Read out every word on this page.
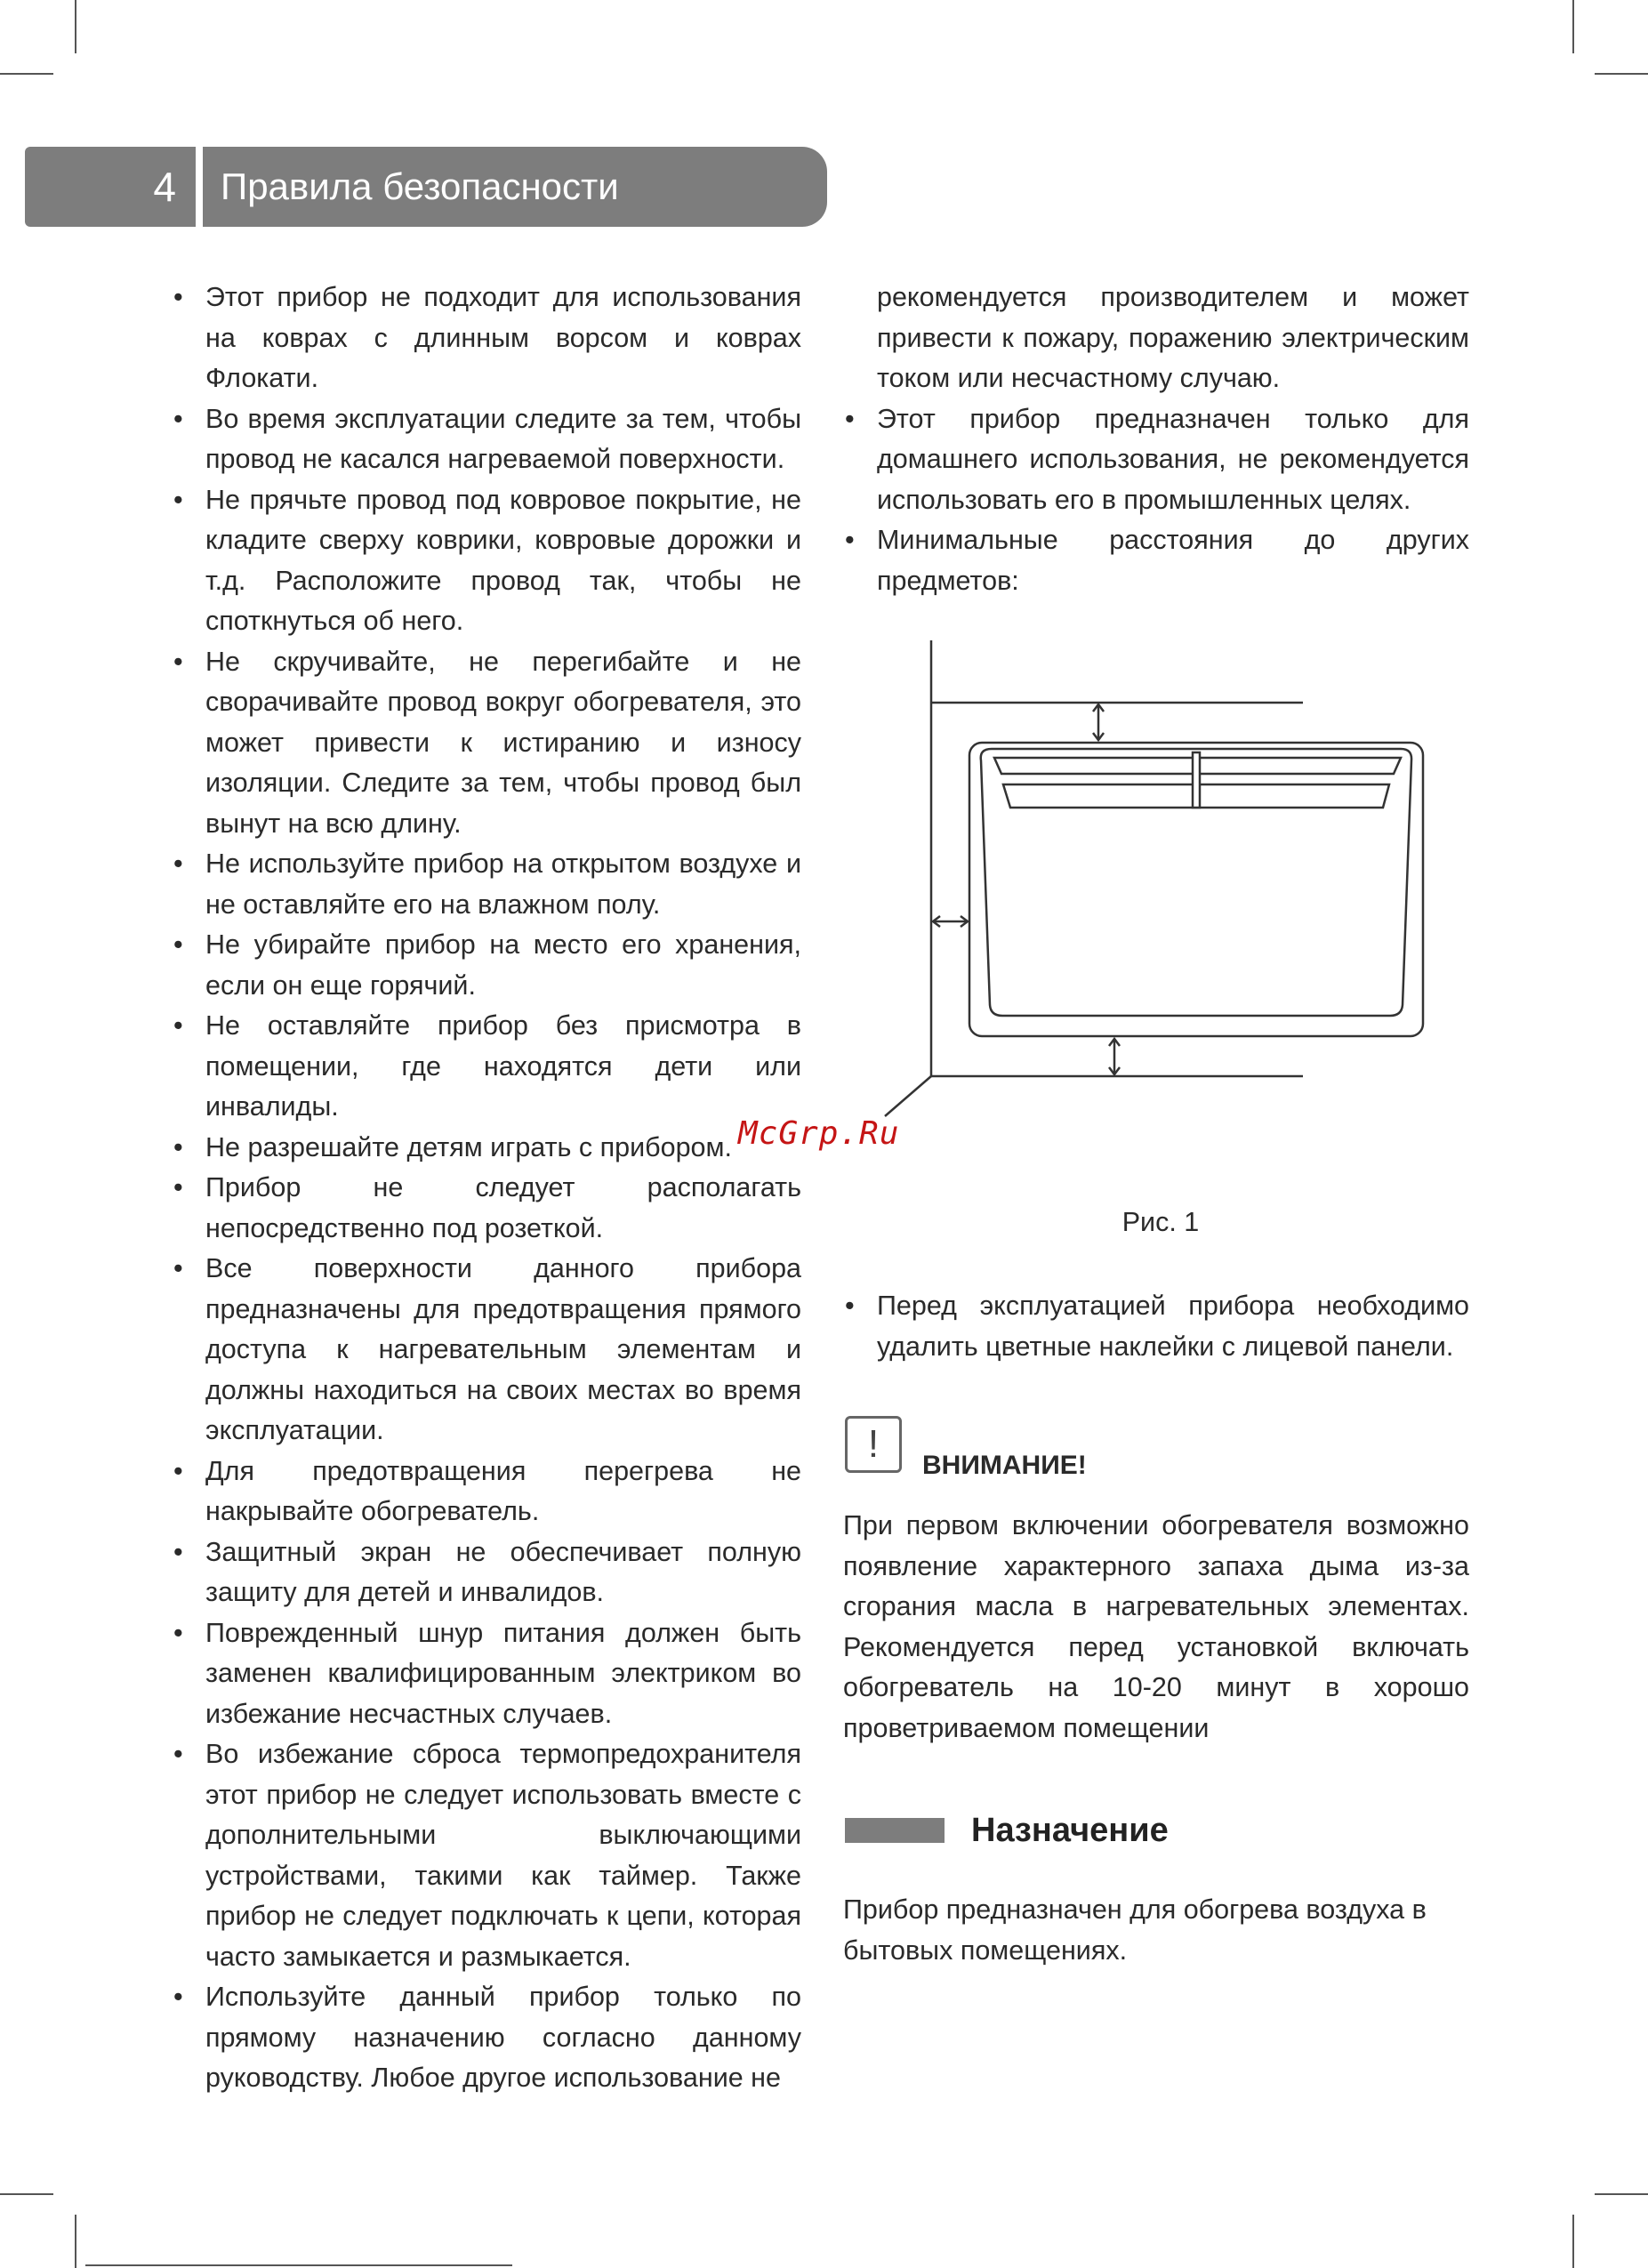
4	Правила безопасности
• Этот прибор не подходит для использования на коврах с длинным ворсом и коврах Флокати.
• Во время эксплуатации следите за тем, чтобы провод не касался нагреваемой поверхности.
• Не прячьте провод под ковровое покрытие, не кладите сверху коврики, ковровые дорожки и т.д. Расположите провод так, чтобы не споткнуться об него.
• Не скручивайте, не перегибайте и не сворачивайте провод вокруг обогревателя, это может привести к истиранию и износу изоляции. Следите за тем, чтобы провод был вынут на всю длину.
• Не используйте прибор на открытом воздухе и не оставляйте его на влажном полу.
• Не убирайте прибор на место его хранения, если он еще горячий.
• Не оставляйте прибор без присмотра в помещении, где находятся дети или инвалиды.
• Не разрешайте детям играть с прибором.
• Прибор не следует располагать непосредственно под розеткой.
• Все поверхности данного прибора предназначены для предотвращения прямого доступа к нагревательным элементам и должны находиться на своих местах во время эксплуатации.
• Для предотвращения перегрева не накрывайте обогреватель.
• Защитный экран не обеспечивает полную защиту для детей и инвалидов.
• Поврежденный шнур питания должен быть заменен квалифицированным электриком во избежание несчастных случаев.
• Во избежание сброса термопредохранителя этот прибор не следует использовать вместе с дополнительными выключающими устройствами, такими как таймер. Также прибор не следует подключать к цепи, которая часто замыкается и размыкается.
• Используйте данный прибор только по прямому назначению согласно данному руководству. Любое другое использование не

рекомендуется производителем и может привести к пожару, поражению электрическим током или несчастному случаю.

• Этот прибор предназначен только для домашнего использования, не рекомендуется использовать его в промышленных целях.
• Минимальные расстояния до других предметов:
Рис. 1
• Перед эксплуатацией прибора необходимо удалить цветные наклейки с лицевой панели.
!	ВНИМАНИЕ!

При первом включении обогревателя возможно появление характерного запаха дыма из-за сгорания масла в нагревательных элементах. Рекомендуется перед установкой включать обогреватель на 10-20 минут в хорошо проветриваемом помещении

Назначение

Прибор предназначен для обогрева воздуха в бытовых помещениях.

McGrp.Ru
